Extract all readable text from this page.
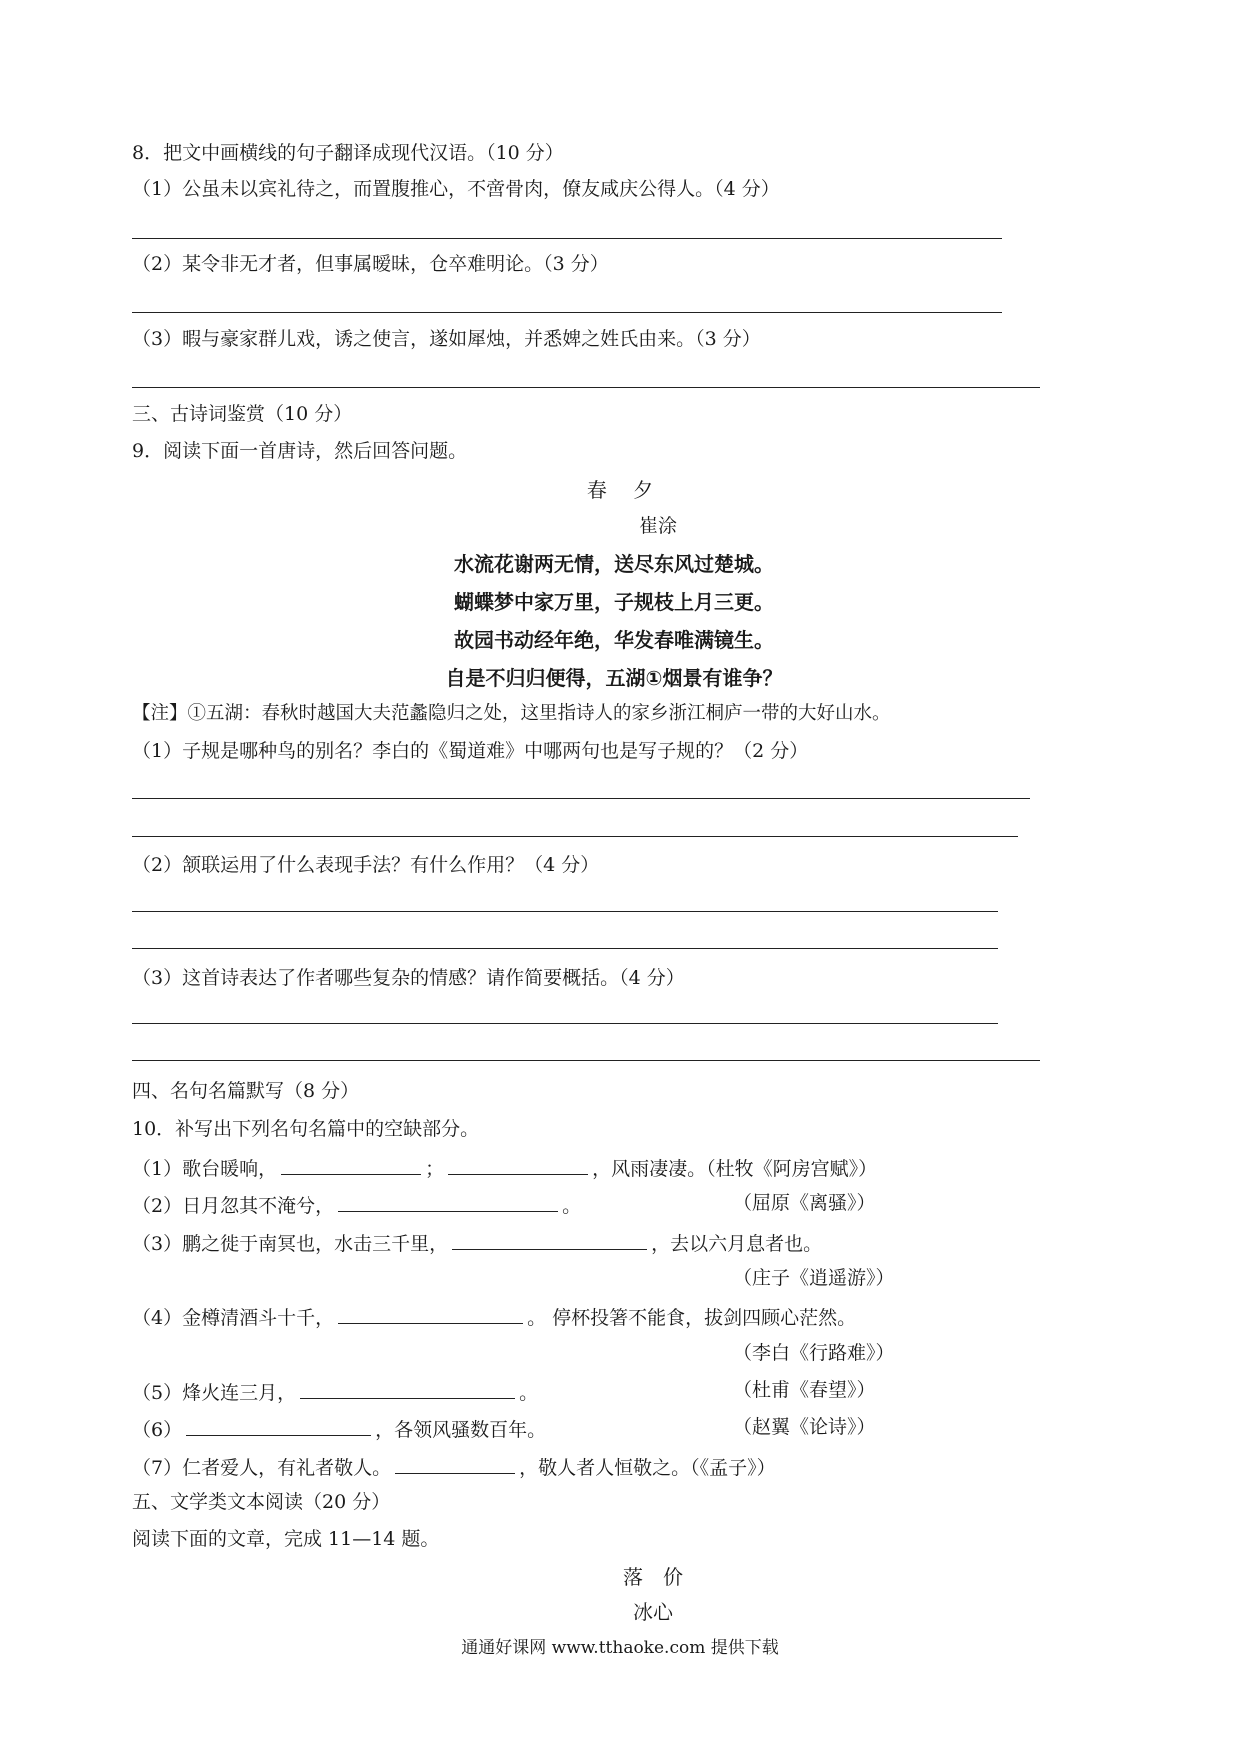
8．把文中画横线的句子翻译成现代汉语。（10 分）
（1）公虽未以宾礼待之，而置腹推心，不啻骨肉，僚友咸庆公得人。（4 分）
（2）某令非无才者，但事属暧昧，仓卒难明论。（3 分）
（3）暇与豪家群儿戏，诱之使言，遂如犀烛，并悉婢之姓氏由来。（3 分）
三、古诗词鉴赏（10 分）
9．阅读下面一首唐诗，然后回答问题。
春　 夕
崔涂
水流花谢两无情，送尽东风过楚城。
蝴蝶梦中家万里，子规枝上月三更。
故园书动经年绝，华发春唯满镜生。
自是不归归便得，五湖①烟景有谁争？
【注】①五湖：春秋时越国大夫范蠡隐归之处，这里指诗人的家乡浙江桐庐一带的大好山水。
（1）子规是哪种鸟的别名？李白的《蜀道难》中哪两句也是写子规的？（2 分）
（2）颔联运用了什么表现手法？有什么作用？（4 分）
（3）这首诗表达了作者哪些复杂的情感？请作简要概括。（4 分）
四、名句名篇默写（8 分）
10．补写出下列名句名篇中的空缺部分。
（1）歌台暖响，	；	，风雨凄凄。（杜牧《阿房宫赋》）
（2）日月忽其不淹兮，	。	（屈原《离骚》）
（3）鹏之徙于南冥也，水击三千里，	，去以六月息者也。
（庄子《逍遥游》）
（4）金樽清酒斗十千，	。 停杯投箸不能食，拔剑四顾心茫然。
（李白《行路难》）
（5）烽火连三月，	。	（杜甫《春望》）
（6）	，各领风骚数百年。	（赵翼《论诗》）
（7）仁者爱人，有礼者敬人。	，敬人者人恒敬之。（《孟子》）
五、文学类文本阅读（20 分）
阅读下面的文章，完成 11—14 题。
落　价
冰心
通通好课网 www.tthaoke.com 提供下载
